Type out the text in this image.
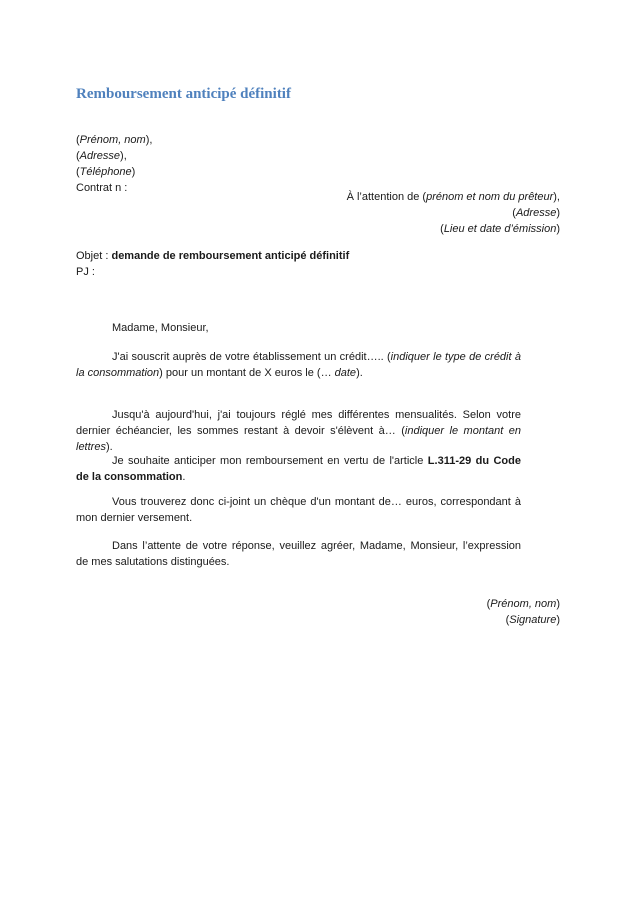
Remboursement anticipé définitif
(Prénom, nom),
(Adresse),
(Téléphone)
Contrat n :
À l’attention de (prénom et nom du prêteur),
(Adresse)
(Lieu et date d’émission)
Objet : demande de remboursement anticipé définitif
PJ :

Madame, Monsieur,

J'ai souscrit auprès de votre établissement un crédit….. (indiquer le type de crédit à la consommation) pour un montant de X euros le (… date).

Jusqu'à aujourd'hui, j'ai toujours réglé mes différentes mensualités. Selon votre dernier échéancier, les sommes restant à devoir s'élèvent à… (indiquer le montant en lettres).

Je souhaite anticiper mon remboursement en vertu de l'article L.311-29 du Code de la consommation.

Vous trouverez donc ci-joint un chèque d'un montant de… euros, correspondant à mon dernier versement.

Dans l’attente de votre réponse, veuillez agréer, Madame, Monsieur, l’expression de mes salutations distinguées.

(Prénom, nom)
(Signature)
